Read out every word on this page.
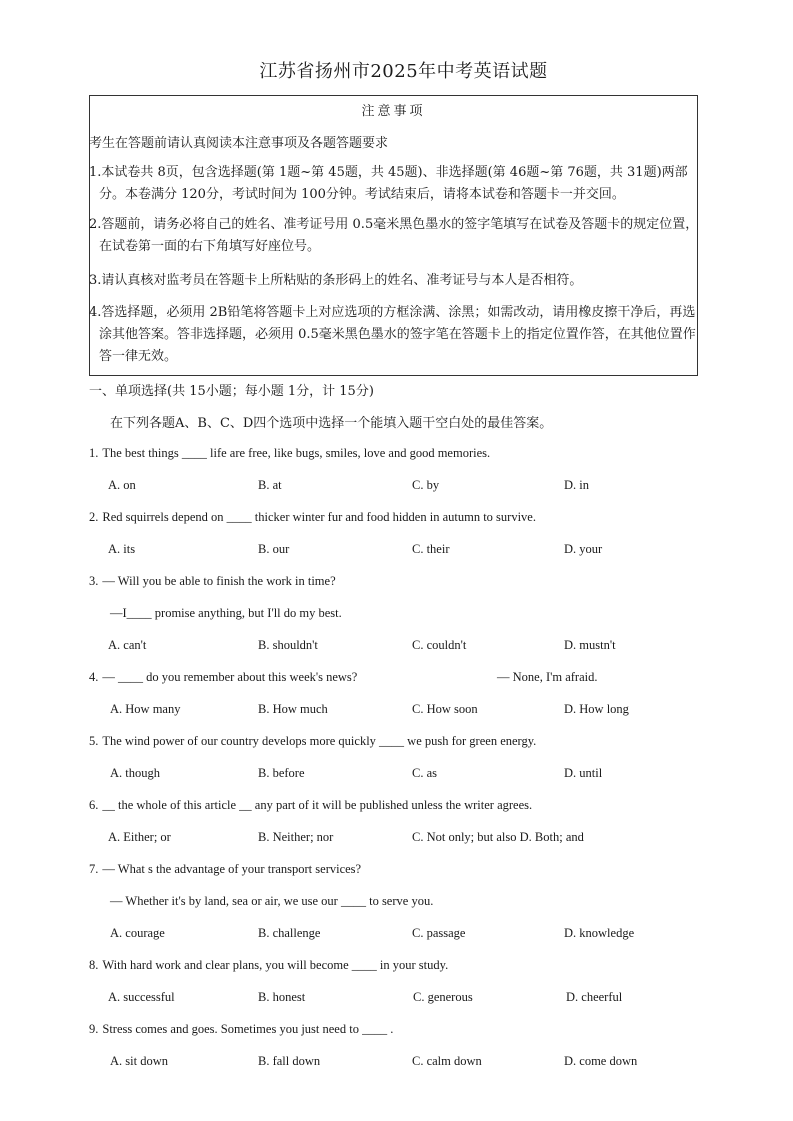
江苏省扬州市2025年中考英语试题
注意事项
考生在答题前请认真阅读本注意事项及各题答题要求
1.本试卷共 8页，包含选择题(第 1题~第 45题，共 45题)、非选择题(第 46题~第 76题，共 31题)两部分。本卷满分 120分，考试时间为 100分钟。考试结束后，请将本试卷和答题卡一并交回。
2.答题前，请务必将自己的姓名、准考证号用 0.5毫米黑色墨水的签字笔填写在试卷及答题卡的规定位置，在试卷第一面的右下角填写好座位号。
3.请认真核对监考员在答题卡上所粘贴的条形码上的姓名、准考证号与本人是否相符。
4.答选择题，必须用 2B铅笔将答题卡上对应选项的方框涂满、涂黑；如需改动，请用橡皮擦干净后，再选涂其他答案。答非选择题，必须用 0.5毫米黑色墨水的签字笔在答题卡上的指定位置作答，在其他位置作答一律无效。
一、单项选择(共 15小题；每小题 1分，计 15分)
在下列各题A、B、C、D四个选项中选择一个能填入题干空白处的最佳答案。
1. The best things ____ life are free, like bugs, smiles, love and good memories.
A. on	B. at	C. by	D. in
2. Red squirrels depend on ____ thicker winter fur and food hidden in autumn to survive.
A. its	B. our	C. their	D. your
3. — Will you be able to finish the work in time?
—I____ promise anything, but I'll do my best.
A. can't	B. shouldn't	C. couldn't	D. mustn't
4. — ____ do you remember about this week's news?	— None, I'm afraid.
A. How many	B. How much	C. How soon	D. How long
5. The wind power of our country develops more quickly ____ we push for green energy.
A. though	B. before	C. as	D. until
6. __ the whole of this article __ any part of it will be published unless the writer agrees.
A. Either; or	B. Neither; nor	C. Not only; but also D. Both; and
7. — What s the advantage of your transport services?
— Whether it's by land, sea or air, we use our ____ to serve you.
A. courage	B. challenge	C. passage	D. knowledge
8. With hard work and clear plans, you will become ____ in your study.
A. successful	B. honest	C. generous	D. cheerful
9. Stress comes and goes. Sometimes you just need to ____ .
A. sit down	B. fall down	C. calm down	D. come down
